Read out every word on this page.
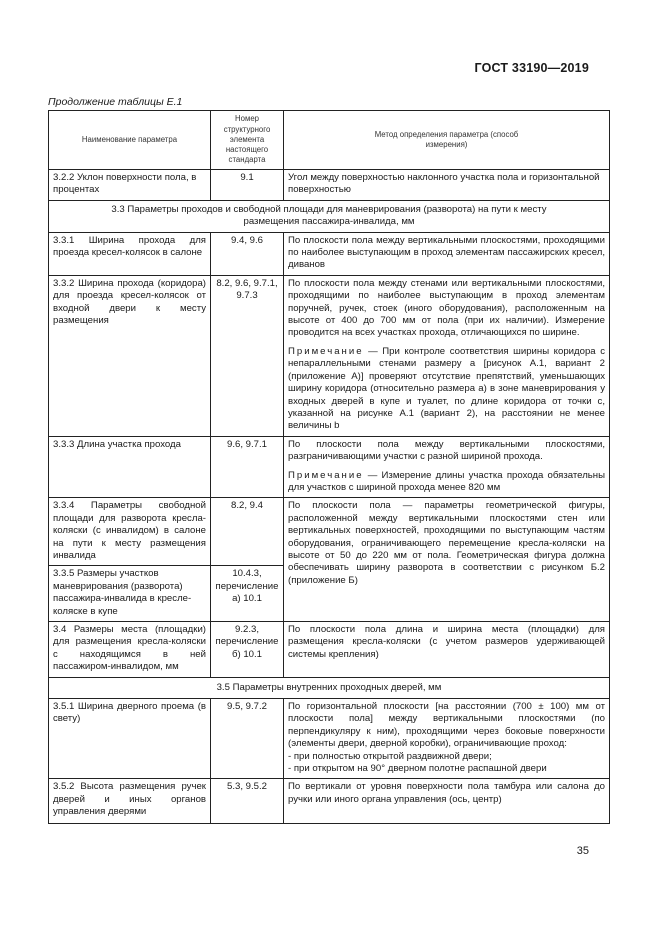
ГОСТ 33190—2019
Продолжение таблицы Е.1
Наименование параметра	Номер структурного элемента настоящего стандарта	Метод определения параметра (способ измерения)
3.2.2 Уклон поверхности пола, в процентах	9.1	Угол между поверхностью наклонного участка пола и горизонтальной поверхностью
3.3 Параметры проходов и свободной площади для маневрирования (разворота) на пути к месту размещения пассажира-инвалида, мм		
3.3.1 Ширина прохода для проезда кресел-колясок в салоне	9.4, 9.6	По плоскости пола между вертикальными плоскостями, проходящими по наиболее выступающим в проход элементам пассажирских кресел, диванов
3.3.2 Ширина прохода (коридора) для проезда кресел-колясок от входной двери к месту размещения	8.2, 9.6, 9.7.1, 9.7.3	По плоскости пола между стенами или вертикальными плоскостями, проходящими по наиболее выступающим в проход элементам поручней, ручек, стоек (иного оборудования), расположенным на высоте от 400 до 700 мм от пола (при их наличии). Измерение проводится на всех участках прохода, отличающихся по ширине.
Примечание — При контроле соответствия ширины коридора с непараллельными стенами размеру a [рисунок А.1, вариант 2 (приложение А)] проверяют отсутствие препятствий, уменьшающих ширину коридора (относительно размера a) в зоне маневрирования у входных дверей в купе и туалет, по длине коридора от точки c, указанной на рисунке А.1 (вариант 2), на расстоянии не менее величины b

3.3.3 Длина участка прохода	9.6, 9.7.1	По плоскости пола между вертикальными плоскостями, разграничивающими участки с разной шириной прохода.
Примечание — Измерение длины участка прохода обязательны для участков с шириной прохода менее 820 мм

3.3.4 Параметры свободной площади для разворота кресла-коляски (с инвалидом) в салоне на пути к месту размещения инвалида	8.2, 9.4	По плоскости пола — параметры геометрической фигуры, расположенной между вертикальными плоскостями стен или вертикальных поверхностей, проходящими по выступающим частям оборудования, ограничивающего перемещение кресла-коляски на высоте от 50 до 220 мм от пола. Геометрическая фигура должна обеспечивать ширину разворота в соответствии с рисунком Б.2 (приложение Б)
3.3.5 Размеры участков маневрирования (разворота) пассажира-инвалида в кресле-коляске в купе	10.4.3, перечисление а) 10.1	
3.4 Размеры места (площадки) для размещения кресла-коляски с находящимся в ней пассажиром-инвалидом, мм	9.2.3, перечисление б) 10.1	По плоскости пола длина и ширина места (площадки) для размещения кресла-коляски (с учетом размеров удерживающей системы крепления)
3.5 Параметры внутренних проходных дверей, мм		
3.5.1 Ширина дверного проема (в свету)	9.5, 9.7.2	По горизонтальной плоскости [на расстоянии (700 ± 100) мм от плоскости пола] между вертикальными плоскостями (по перпендикуляру к ним), проходящими через боковые поверхности (элементы двери, дверной коробки), ограничивающие проход:
- при полностью открытой раздвижной двери;
- при открытом на 90° дверном полотне распашной двери

3.5.2 Высота размещения ручек дверей и иных органов управления дверями	5.3, 9.5.2	По вертикали от уровня поверхности пола тамбура или салона до ручки или иного органа управления (ось, центр)
35
